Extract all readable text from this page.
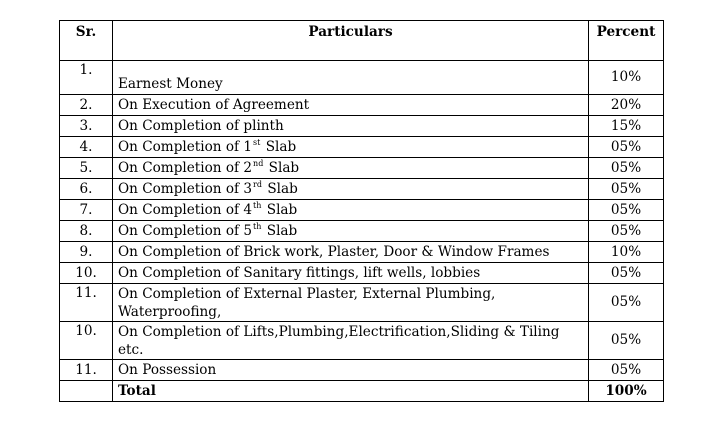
Sr.	Particulars	Percent
1.	Earnest Money	10%
2.	On Execution of Agreement	20%
3.	On Completion of plinth	15%
4.	On Completion of 1st Slab	05%
5.	On Completion of 2nd Slab	05%
6.	On Completion of 3rd Slab	05%
7.	On Completion of 4th Slab	05%
8.	On Completion of 5th Slab	05%
9.	On Completion of Brick work, Plaster, Door & Window Frames	10%
10.	On Completion of Sanitary fittings, lift wells, lobbies	05%
11.	On Completion of External Plaster, External Plumbing, Waterproofing,	05%
10.	On Completion of Lifts,Plumbing,Electrification,Sliding & Tiling etc.	05%
11.	On Possession	05%
	Total	100%
